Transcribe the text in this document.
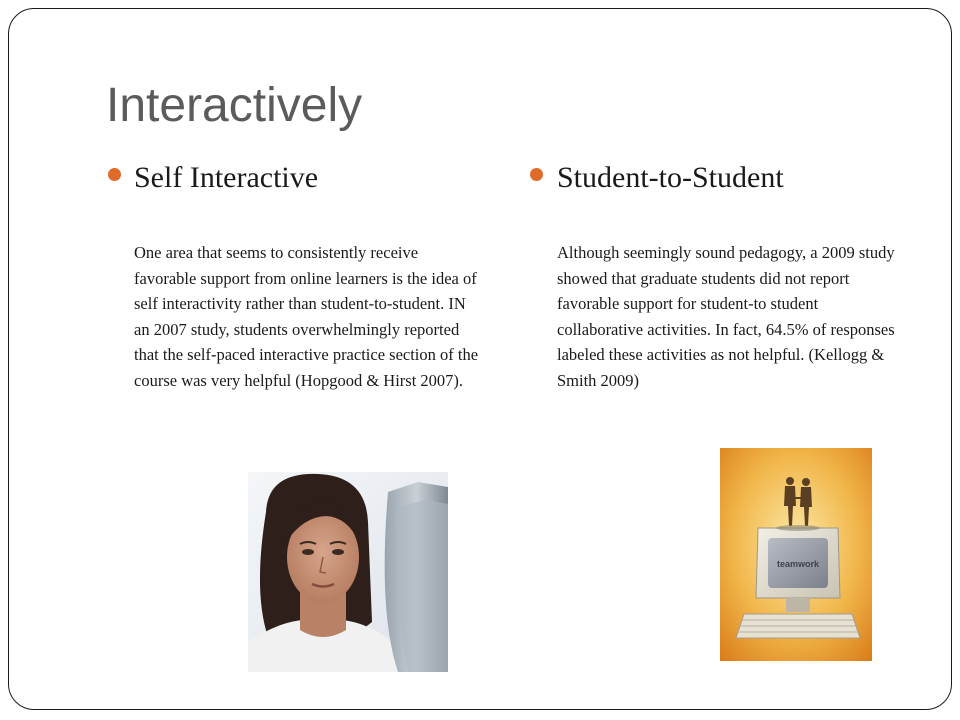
Interactively
Self Interactive

One area that seems to consistently receive favorable support from online learners is the idea of self interactivity rather than student-to-student. IN an 2007 study, students overwhelmingly reported that the self-paced interactive practice section of the course was very helpful (Hopgood & Hirst 2007).

Student-to-Student

Although seemingly sound pedagogy, a 2009 study showed that graduate students did not report favorable support for student-to student collaborative activities. In fact, 64.5% of responses labeled these activities as not helpful. (Kellogg & Smith 2009)

teamwork
